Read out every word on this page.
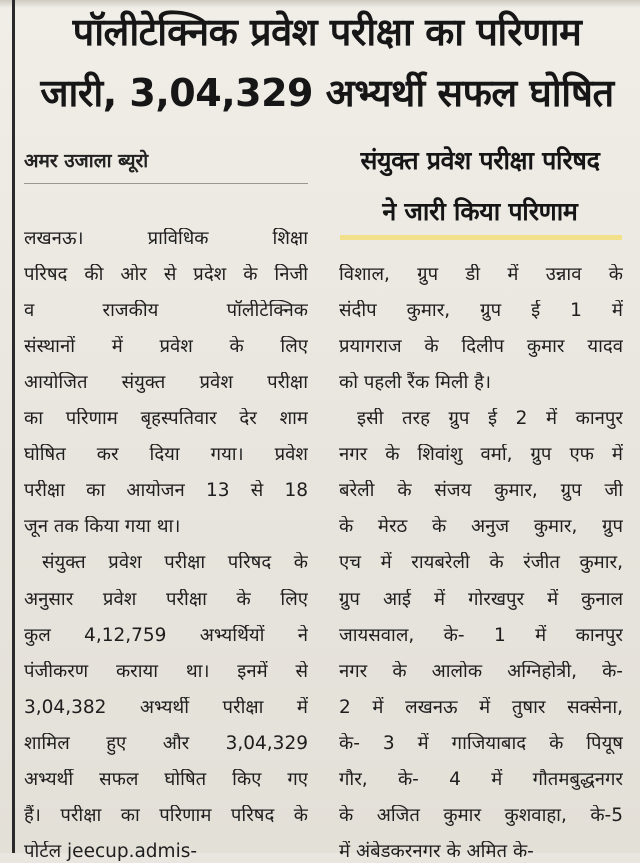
पॉलीटेक्निक प्रवेश परीक्षा का परिणाम
जारी, 3,04,329 अभ्यर्थी सफल घोषित
अमर उजाला ब्यूरो	संयुक्त प्रवेश परीक्षा परिषद
ने जारी किया परिणाम
लखनऊ। प्राविधिक शिक्षा
परिषद की ओर से प्रदेश के निजी
व राजकीय पॉलीटेक्निक
संस्थानों में प्रवेश के लिए
आयोजित संयुक्त प्रवेश परीक्षा
का परिणाम बृहस्पतिवार देर शाम
घोषित कर दिया गया। प्रवेश
परीक्षा का आयोजन 13 से 18
जून तक किया गया था।
संयुक्त प्रवेश परीक्षा परिषद के
अनुसार प्रवेश परीक्षा के लिए
कुल 4,12,759 अभ्यर्थियों ने
पंजीकरण कराया था। इनमें से
3,04,382 अभ्यर्थी परीक्षा में
शामिल हुए और 3,04,329
अभ्यर्थी सफल घोषित किए गए
हैं। परीक्षा का परिणाम परिषद के
पोर्टल jeecup.admis-
विशाल, ग्रुप डी में उन्नाव के
संदीप कुमार, ग्रुप ई 1 में
प्रयागराज के दिलीप कुमार यादव
को पहली रैंक मिली है।
इसी तरह ग्रुप ई 2 में कानपुर
नगर के शिवांशु वर्मा, ग्रुप एफ में
बरेली के संजय कुमार, ग्रुप जी
के मेरठ के अनुज कुमार, ग्रुप
एच में रायबरेली के रंजीत कुमार,
ग्रुप आई में गोरखपुर में कुनाल
जायसवाल, के- 1 में कानपुर
नगर के आलोक अग्निहोत्री, के-
2 में लखनऊ में तुषार सक्सेना,
के- 3 में गाजियाबाद के पियूष
गौर, के- 4 में गौतमबुद्धनगर
के अजित कुमार कुशवाहा, के-5
में अंबेडकरनगर के अमित के-
